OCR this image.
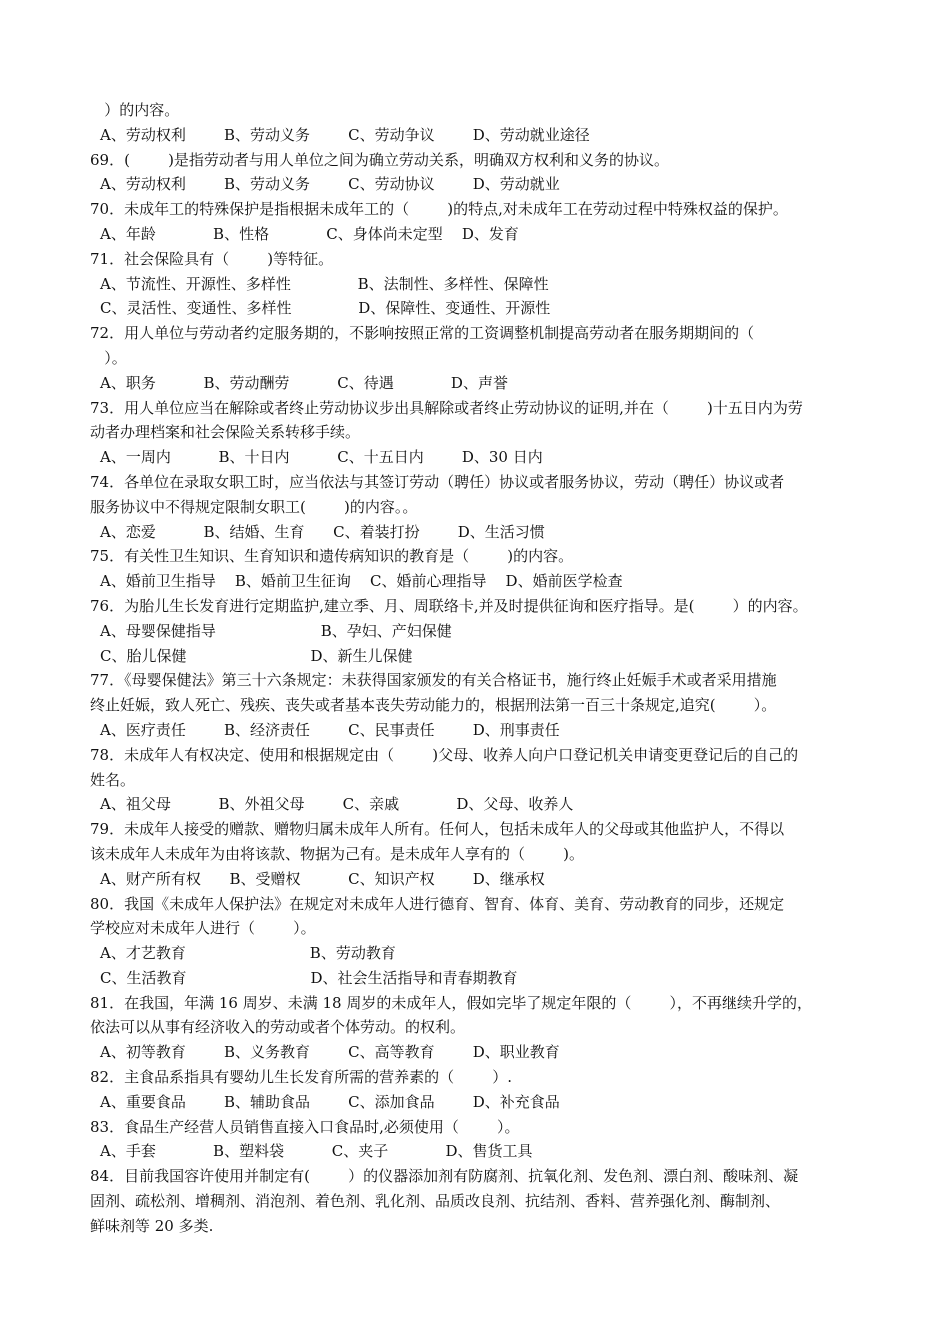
）的内容。
A、劳动权利        B、劳动义务        C、劳动争议        D、劳动就业途径
69．(        )是指劳动者与用人单位之间为确立劳动关系，明确双方权利和义务的协议。
A、劳动权利        B、劳动义务        C、劳动协议        D、劳动就业
70．未成年工的特殊保护是指根据未成年工的（        )的特点,对未成年工在劳动过程中特殊权益的保护。
A、年龄            B、性格            C、身体尚未定型    D、发育
71．社会保险具有（        )等特征。
A、节流性、开源性、多样性              B、法制性、多样性、保障性
C、灵活性、变通性、多样性              D、保障性、变通性、开源性
72．用人单位与劳动者约定服务期的，不影响按照正常的工资调整机制提高劳动者在服务期期间的（
）。
A、职务          B、劳动酬劳          C、待遇            D、声誉
73．用人单位应当在解除或者终止劳动协议步出具解除或者终止劳动协议的证明,并在（        )十五日内为劳
动者办理档案和社会保险关系转移手续。
A、一周内          B、十日内          C、十五日内        D、30 日内
74．各单位在录取女职工时，应当依法与其签订劳动（聘任）协议或者服务协议，劳动（聘任）协议或者
服务协议中不得规定限制女职工(        )的内容。。
A、恋爱          B、结婚、生育      C、着装打扮        D、生活习惯
75．有关性卫生知识、生育知识和遗传病知识的教育是（        )的内容。
A、婚前卫生指导    B、婚前卫生征询    C、婚前心理指导    D、婚前医学检查
76．为胎儿生长发育进行定期监护,建立季、月、周联络卡,并及时提供征询和医疗指导。是(        ）的内容。
A、母婴保健指导                      B、孕妇、产妇保健
C、胎儿保健                          D、新生儿保健
77．《母婴保健法》第三十六条规定：未获得国家颁发的有关合格证书，施行终止妊娠手术或者采用措施
终止妊娠，致人死亡、残疾、丧失或者基本丧失劳动能力的，根据刑法第一百三十条规定,追究(        ）。
A、医疗责任        B、经济责任        C、民事责任        D、刑事责任
78．未成年人有权决定、使用和根据规定由（        )父母、收养人向户口登记机关申请变更登记后的自己的
姓名。
A、祖父母          B、外祖父母        C、亲戚            D、父母、收养人
79．未成年人接受的赠款、赠物归属未成年人所有。任何人，包括未成年人的父母或其他监护人，不得以
该未成年人未成年为由将该款、物据为己有。是未成年人享有的（        )。
A、财产所有权      B、受赠权          C、知识产权        D、继承权
80．我国《未成年人保护法》在规定对未成年人进行德育、智育、体育、美育、劳动教育的同步，还规定
学校应对未成年人进行（        ）。
A、才艺教育                          B、劳动教育
C、生活教育                          D、社会生活指导和青春期教育
81．在我国，年满 16 周岁、未满 18 周岁的未成年人，假如完毕了规定年限的（        ），不再继续升学的，
依法可以从事有经济收入的劳动或者个体劳动。的权利。
A、初等教育        B、义务教育        C、高等教育        D、职业教育
82．主食品系指具有婴幼儿生长发育所需的营养素的（        ）.
A、重要食品        B、辅助食品        C、添加食品        D、补充食品
83．食品生产经营人员销售直接入口食品时,必须使用（        ）。
A、手套            B、塑料袋          C、夹子            D、售货工具
84．目前我国容许使用并制定有(        ）的仪器添加剂有防腐剂、抗氧化剂、发色剂、漂白剂、酸味剂、凝
固剂、疏松剂、增稠剂、消泡剂、着色剂、乳化剂、品质改良剂、抗结剂、香料、营养强化剂、酶制剂、
鲜味剂等 20 多类.
